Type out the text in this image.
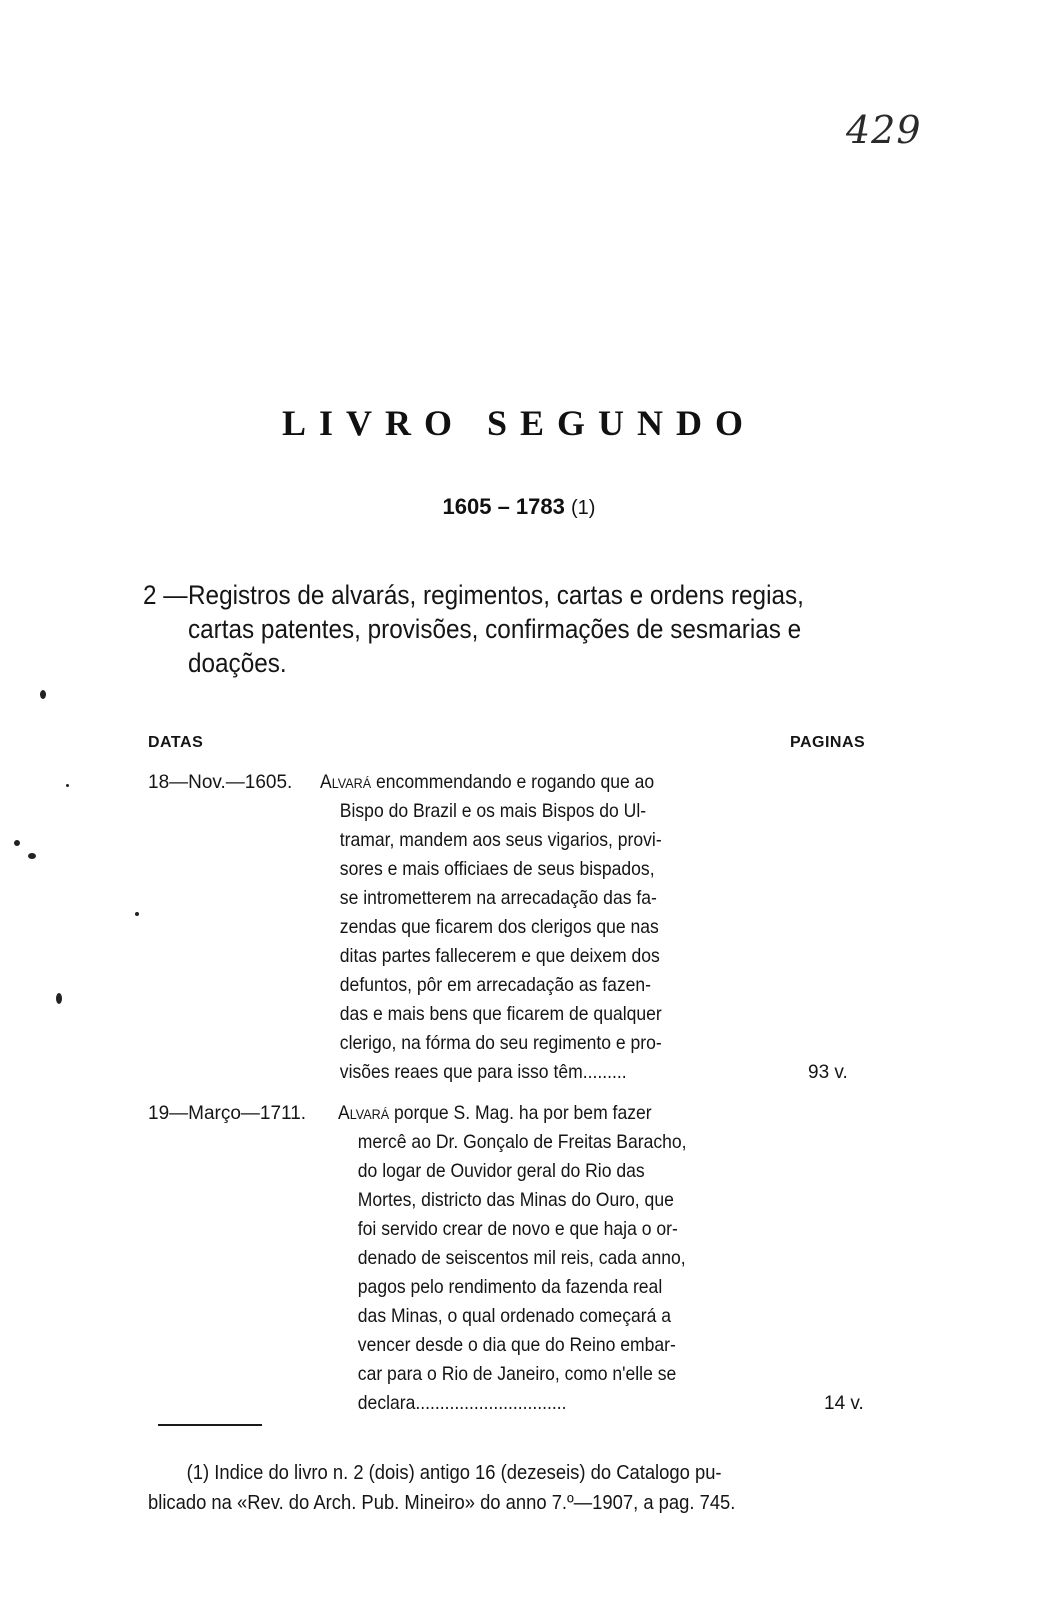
429
LIVRO SEGUNDO
1605 – 1783 (1)
2 —Registros de alvarás, regimentos, cartas e ordens regias,
cartas patentes, provisões, confirmações de sesmarias e
doações.
DATAS	PAGINAS
18—Nov.—1605. Alvará encommendando e rogando que ao
Bispo do Brazil e os mais Bispos do Ul-
tramar, mandem aos seus vigarios, provi-
sores e mais officiaes de seus bispados,
se intrometterem na arrecadação das fa-
zendas que ficarem dos clerigos que nas
ditas partes fallecerem e que deixem dos
defuntos, pôr em arrecadação as fazen-
das e mais bens que ficarem de qualquer
clerigo, na fórma do seu regimento e pro-
visões reaes que para isso têm.........	93 v.
19—Março—1711. Alvará porque S. Mag. ha por bem fazer
mercê ao Dr. Gonçalo de Freitas Baracho,
do logar de Ouvidor geral do Rio das
Mortes, districto das Minas do Ouro, que
foi servido crear de novo e que haja o or-
denado de seiscentos mil reis, cada anno,
pagos pelo rendimento da fazenda real
das Minas, o qual ordenado começará a
vencer desde o dia que do Reino embar-
car para o Rio de Janeiro, como n'elle se
declara...............................	14 v.
(1) Indice do livro n. 2 (dois) antigo 16 (dezeseis) do Catalogo pu-
blicado na «Rev. do Arch. Pub. Mineiro» do anno 7.º—1907, a pag. 745.
